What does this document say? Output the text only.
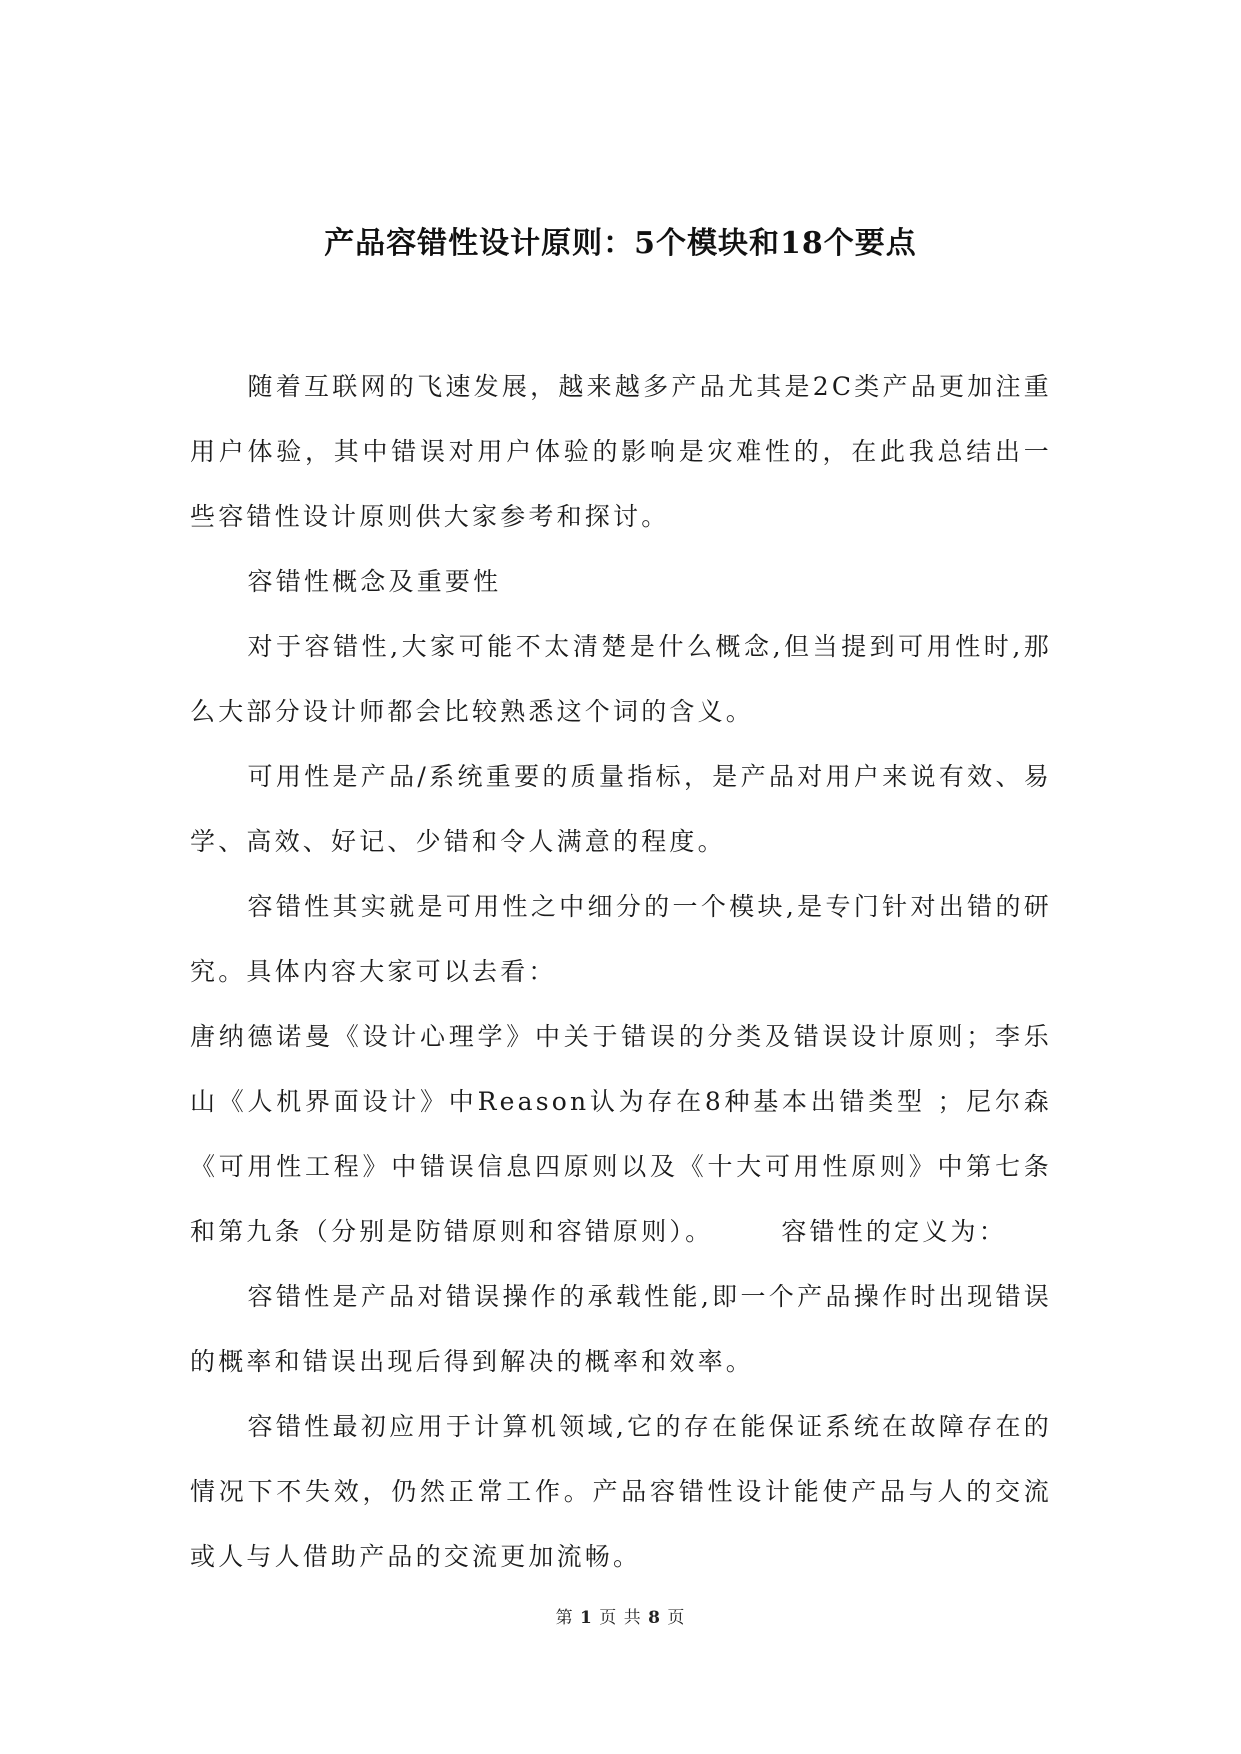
产品容错性设计原则：5个模块和18个要点

随着互联网的飞速发展，越来越多产品尤其是2C类产品更加注重用户体验，其中错误对用户体验的影响是灾难性的，在此我总结出一些容错性设计原则供大家参考和探讨。

容错性概念及重要性

对于容错性,大家可能不太清楚是什么概念,但当提到可用性时,那么大部分设计师都会比较熟悉这个词的含义。

可用性是产品/系统重要的质量指标，是产品对用户来说有效、易学、高效、好记、少错和令人满意的程度。

容错性其实就是可用性之中细分的一个模块,是专门针对出错的研究。具体内容大家可以去看：

唐纳德诺曼《设计心理学》中关于错误的分类及错误设计原则；李乐山《人机界面设计》中Reason认为存在8种基本出错类型 ；尼尔森《可用性工程》中错误信息四原则以及《十大可用性原则》中第七条和第九条（分别是防错原则和容错原则）。	容错性的定义为：

容错性是产品对错误操作的承载性能,即一个产品操作时出现错误的概率和错误出现后得到解决的概率和效率。

容错性最初应用于计算机领域,它的存在能保证系统在故障存在的情况下不失效，仍然正常工作。产品容错性设计能使产品与人的交流或人与人借助产品的交流更加流畅。

第 1 页 共 8 页
